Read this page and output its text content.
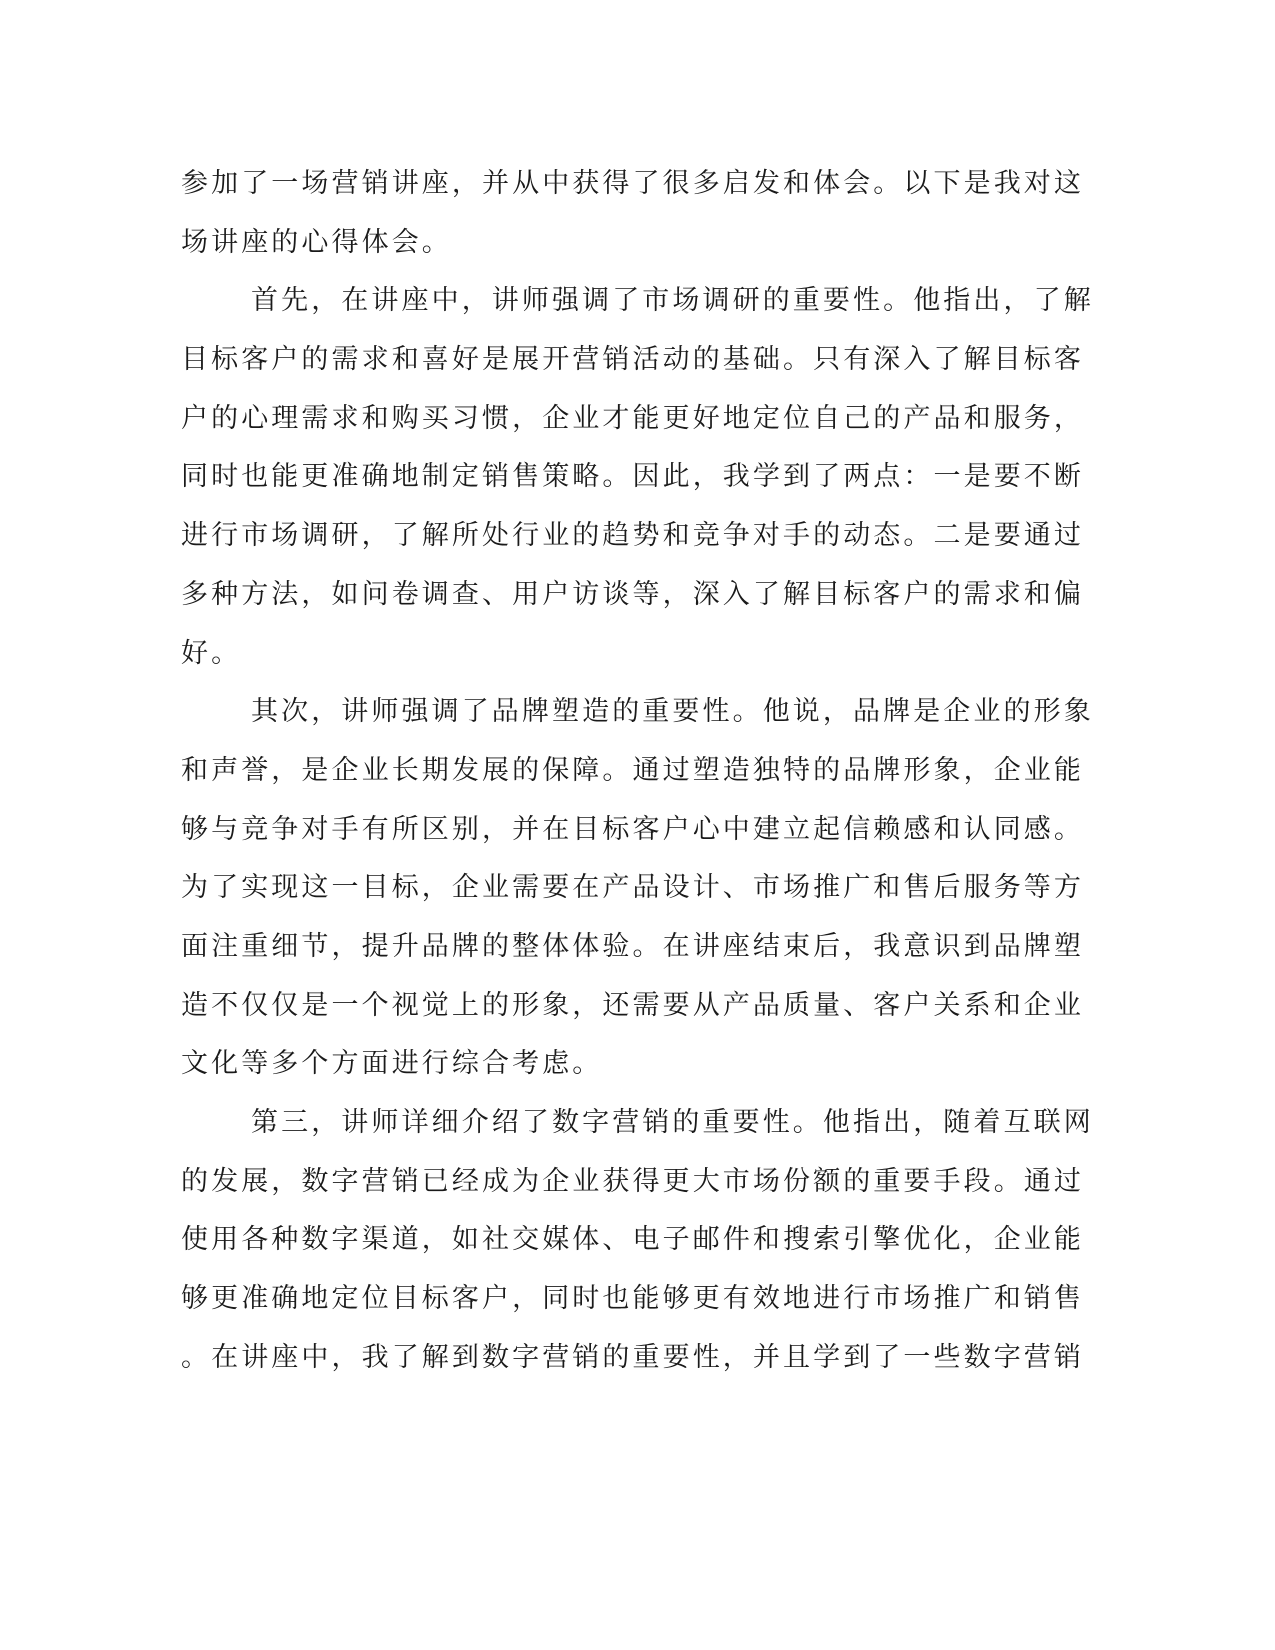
参加了一场营销讲座，并从中获得了很多启发和体会。以下是我对这
场讲座的心得体会。
首先，在讲座中，讲师强调了市场调研的重要性。他指出，了解
目标客户的需求和喜好是展开营销活动的基础。只有深入了解目标客
户的心理需求和购买习惯，企业才能更好地定位自己的产品和服务，
同时也能更准确地制定销售策略。因此，我学到了两点：一是要不断
进行市场调研，了解所处行业的趋势和竞争对手的动态。二是要通过
多种方法，如问卷调查、用户访谈等，深入了解目标客户的需求和偏
好。
其次，讲师强调了品牌塑造的重要性。他说，品牌是企业的形象
和声誉，是企业长期发展的保障。通过塑造独特的品牌形象，企业能
够与竞争对手有所区别，并在目标客户心中建立起信赖感和认同感。
为了实现这一目标，企业需要在产品设计、市场推广和售后服务等方
面注重细节，提升品牌的整体体验。在讲座结束后，我意识到品牌塑
造不仅仅是一个视觉上的形象，还需要从产品质量、客户关系和企业
文化等多个方面进行综合考虑。
第三，讲师详细介绍了数字营销的重要性。他指出，随着互联网
的发展，数字营销已经成为企业获得更大市场份额的重要手段。通过
使用各种数字渠道，如社交媒体、电子邮件和搜索引擎优化，企业能
够更准确地定位目标客户，同时也能够更有效地进行市场推广和销售
。在讲座中，我了解到数字营销的重要性，并且学到了一些数字营销
